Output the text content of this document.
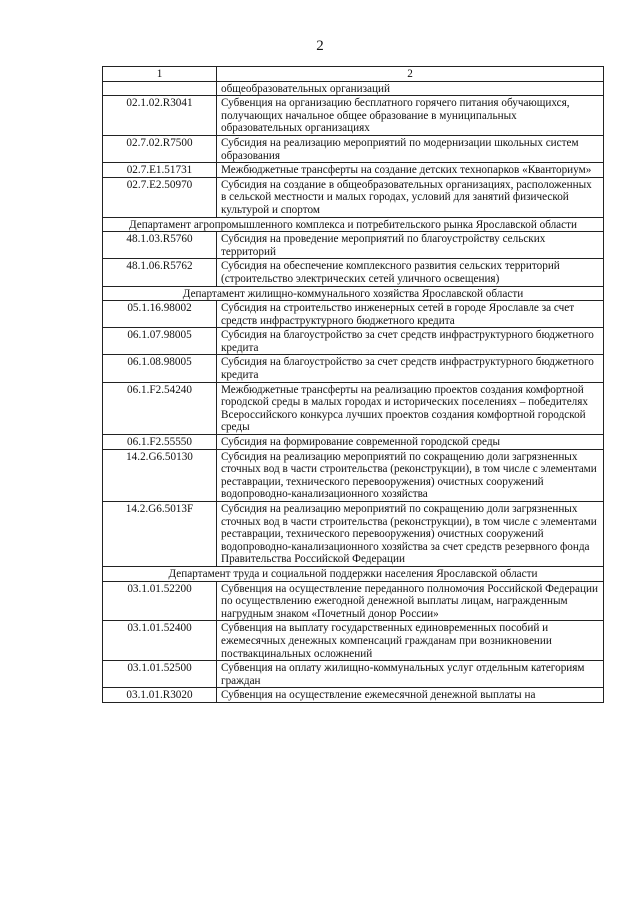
2
1	2
	общеобразовательных организаций
02.1.02.R3041	Субвенция на организацию бесплатного горячего питания обучающихся, получающих начальное общее образование в муниципальных образовательных организациях
02.7.02.R7500	Субсидия на реализацию мероприятий по модернизации школьных систем образования
02.7.E1.51731	Межбюджетные трансферты на создание детских технопарков «Кванториум»
02.7.E2.50970	Субсидия на создание в общеобразовательных организациях, расположенных в сельской местности и малых городах, условий для занятий физической культурой и спортом
Департамент агропромышленного комплекса и потребительского рынка Ярославской области	
48.1.03.R5760	Субсидия на проведение мероприятий по благоустройству сельских территорий
48.1.06.R5762	Субсидия на обеспечение комплексного развития сельских территорий (строительство электрических сетей уличного освещения)
Департамент жилищно-коммунального хозяйства Ярославской области	
05.1.16.98002	Субсидия на строительство инженерных сетей в городе Ярославле за счет средств инфраструктурного бюджетного кредита
06.1.07.98005	Субсидия на благоустройство за счет средств инфраструктурного бюджетного кредита
06.1.08.98005	Субсидия на благоустройство за счет средств инфраструктурного бюджетного кредита
06.1.F2.54240	Межбюджетные трансферты на реализацию проектов создания комфортной городской среды в малых городах и исторических поселениях – победителях Всероссийского конкурса лучших проектов создания комфортной городской среды
06.1.F2.55550	Субсидия на формирование современной городской среды
14.2.G6.50130	Субсидия на реализацию мероприятий по сокращению доли загрязненных сточных вод в части строительства (реконструкции), в том числе с элементами реставрации, технического перевооружения) очистных сооружений водопроводно-канализационного хозяйства
14.2.G6.5013F	Субсидия на реализацию мероприятий по сокращению доли загрязненных сточных вод в части строительства (реконструкции), в том числе с элементами реставрации, технического перевооружения) очистных сооружений водопроводно-канализационного хозяйства за счет средств резервного фонда Правительства Российской Федерации
Департамент труда и социальной поддержки населения Ярославской области	
03.1.01.52200	Субвенция на осуществление переданного полномочия Российской Федерации по осуществлению ежегодной денежной выплаты лицам, награжденным нагрудным знаком «Почетный донор России»
03.1.01.52400	Субвенция на выплату государственных единовременных пособий и ежемесячных денежных компенсаций гражданам при возникновении поствакцинальных осложнений
03.1.01.52500	Субвенция на оплату жилищно-коммунальных услуг отдельным категориям граждан
03.1.01.R3020	Субвенция на осуществление ежемесячной денежной выплаты на
